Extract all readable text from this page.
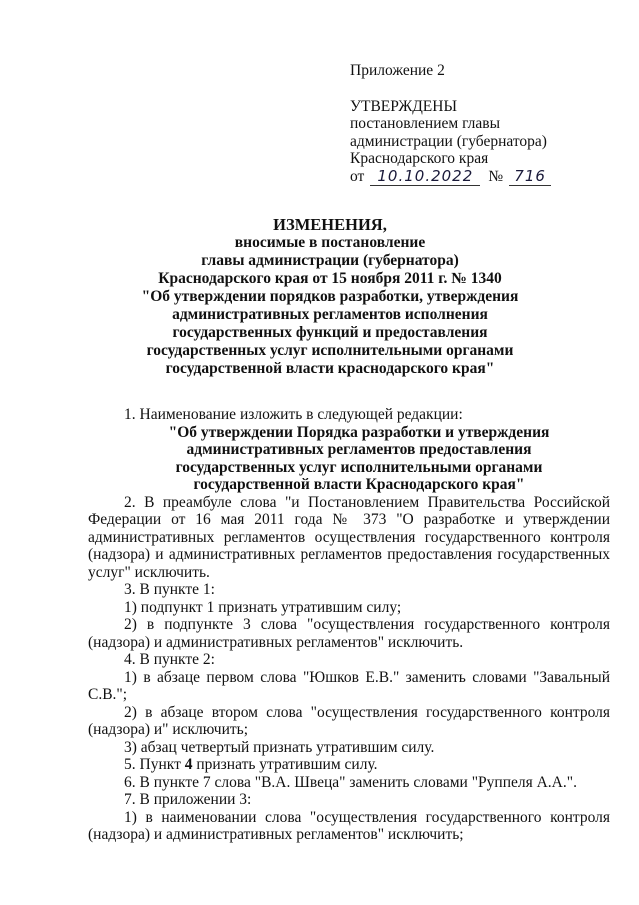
Приложение 2
УТВЕРЖДЕНЫ
постановлением главы
администрации (губернатора)
Краснодарского края
от 10.10.2022 № 716
ИЗМЕНЕНИЯ,
вносимые в постановление
главы администрации (губернатора)
Краснодарского края от 15 ноября 2011 г. № 1340
"Об утверждении порядков разработки, утверждения
административных регламентов исполнения
государственных функций и предоставления
государственных услуг исполнительными органами
государственной власти краснодарского края"

1. Наименование изложить в следующей редакции:

"Об утверждении Порядка разработки и утверждения

административных регламентов предоставления

государственных услуг исполнительными органами

государственной власти Краснодарского края"

2. В преамбуле слова "и Постановлением Правительства Российской Федерации от 16 мая 2011 года № 373 "О разработке и утверждении административных регламентов осуществления государственного контроля (надзора) и административных регламентов предоставления государственных услуг" исключить.

3. В пункте 1:

1) подпункт 1 признать утратившим силу;

2) в подпункте 3 слова "осуществления государственного контроля (надзора) и административных регламентов" исключить.

4. В пункте 2:

1) в абзаце первом слова "Юшков Е.В." заменить словами "Завальный С.В.";

2) в абзаце втором слова "осуществления государственного контроля (надзора) и" исключить;

3) абзац четвертый признать утратившим силу.

5. Пункт 4 признать утратившим силу.

6. В пункте 7 слова "В.А. Швеца" заменить словами "Руппеля А.А.".

7. В приложении 3:

1) в наименовании слова "осуществления государственного контроля (надзора) и административных регламентов" исключить;
